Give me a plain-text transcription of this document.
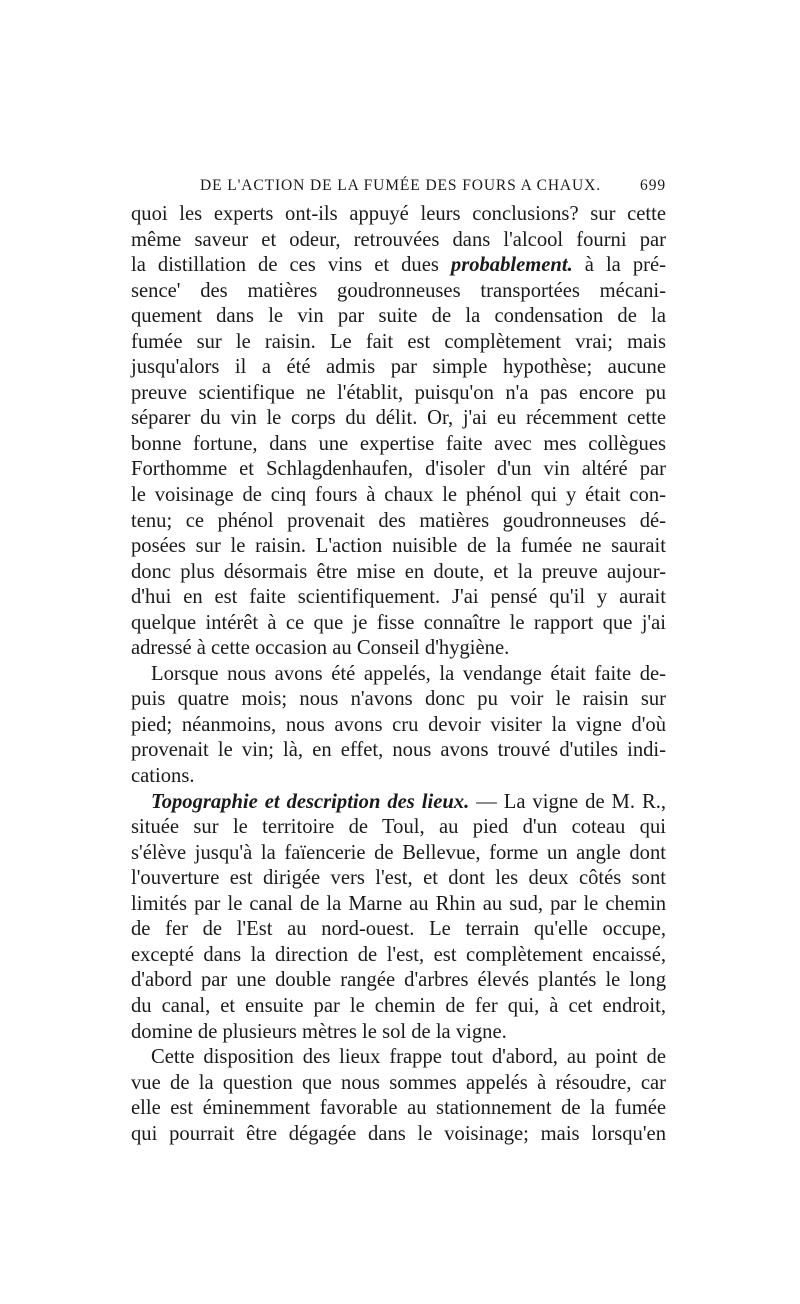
DE L'ACTION DE LA FUMÉE DES FOURS A CHAUX.	699
quoi les experts ont-ils appuyé leurs conclusions? sur cette
même saveur et odeur, retrouvées dans l'alcool fourni par
la distillation de ces vins et dues probablement. à la pré-
sence' des matières goudronneuses transportées mécani-
quement dans le vin par suite de la condensation de la
fumée sur le raisin. Le fait est complètement vrai; mais
jusqu'alors il a été admis par simple hypothèse; aucune
preuve scientifique ne l'établit, puisqu'on n'a pas encore pu
séparer du vin le corps du délit. Or, j'ai eu récemment cette
bonne fortune, dans une expertise faite avec mes collègues
Forthomme et Schlagdenhaufen, d'isoler d'un vin altéré par
le voisinage de cinq fours à chaux le phénol qui y était con-
tenu; ce phénol provenait des matières goudronneuses dé-
posées sur le raisin. L'action nuisible de la fumée ne saurait
donc plus désormais être mise en doute, et la preuve aujour-
d'hui en est faite scientifiquement. J'ai pensé qu'il y aurait
quelque intérêt à ce que je fisse connaître le rapport que j'ai
adressé à cette occasion au Conseil d'hygiène.
Lorsque nous avons été appelés, la vendange était faite de-
puis quatre mois; nous n'avons donc pu voir le raisin sur
pied; néanmoins, nous avons cru devoir visiter la vigne d'où
provenait le vin; là, en effet, nous avons trouvé d'utiles indi-
cations.
Topographie et description des lieux. — La vigne de M. R.,
située sur le territoire de Toul, au pied d'un coteau qui
s'élève jusqu'à la faïencerie de Bellevue, forme un angle dont
l'ouverture est dirigée vers l'est, et dont les deux côtés sont
limités par le canal de la Marne au Rhin au sud, par le chemin
de fer de l'Est au nord-ouest. Le terrain qu'elle occupe,
excepté dans la direction de l'est, est complètement encaissé,
d'abord par une double rangée d'arbres élevés plantés le long
du canal, et ensuite par le chemin de fer qui, à cet endroit,
domine de plusieurs mètres le sol de la vigne.
Cette disposition des lieux frappe tout d'abord, au point de
vue de la question que nous sommes appelés à résoudre, car
elle est éminemment favorable au stationnement de la fumée
qui pourrait être dégagée dans le voisinage; mais lorsqu'en
